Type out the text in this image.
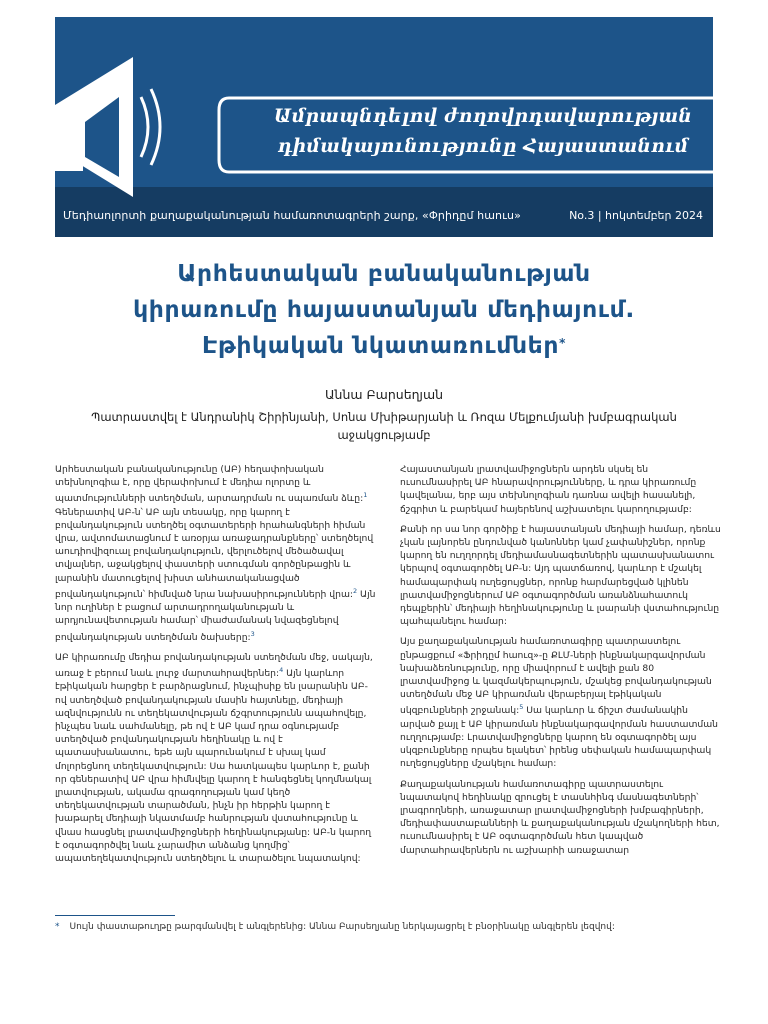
Ամրապնդելով ժողովրդավարության
դիմակայունությունը Հայաստանում
Մեդիաոլորտի քաղաքականության համառոտագրերի շարք, «Փրիդըմ հաուս»	No.3 | հոկտեմբեր 2024
Արհեստական բանականության
կիրառումը հայաստանյան մեդիայում.
Էթիկական նկատառումներ*
Աննա Բարսեղյան
Պատրաստվել է Անդրանիկ Շիրինյանի, Սոնա Մխիթարյանի և Ռոզա Մելքումյանի խմբագրական
աջակցությամբ

Արհեստական բանականությունը (ԱԲ) հեղափոխական տեխնոլոգիա է, որը վերափոխում է մեդիա ոլորտը և պատմությունների ստեղծման, արտադրման ու սպառման ձևը:$^1$ Գեներատիվ ԱԲ-ն՝ ԱԲ այն տեսակը, որը կարող է բովանդակություն ստեղծել օգտատերերի հրահանգների հիման վրա, ավտոմատացնում է առօրյա առաջադրանքները՝ ստեղծելով աուդիովիզուալ բովանդակություն, վերլուծելով մեծածավալ տվյալներ, աջակցելով փաստերի ստուգման գործընթացին և լարանին մատուցելով խիստ անհատականացված բովանդակություն՝ հիմնված նրա նախասիրությունների վրա:$^2$ Այն նոր ուղիներ է բացում արտադրողականության և արդյունավետության համար՝ միաժամանակ նվազեցնելով բովանդակության ստեղծման ծախսերը:$^3$

ԱԲ կիրառումը մեդիա բովանդակության ստեղծման մեջ, սակայն, առաջ է բերում նաև լուրջ մարտահրավերներ:$^4$ Այն կարևոր էթիկական հարցեր է բարձրացնում, ինչպիսիք են լսարանին ԱԲ-ով ստեղծված բովանդակության մասին հայտնելը, մեդիայի ազնվությունն ու տեղեկատվության ճշգրտությունն ապահովելը, ինչպես նաև սահմանելը, թե ով է ԱԲ կամ դրա օգնությամբ ստեղծված բովանդակության հեղինակը և ով է պատասխանատու, եթե այն պարունակում է սխալ կամ մոլորեցնող տեղեկատվություն: Սա հատկապես կարևոր է, քանի որ գեներատիվ ԱԲ վրա հիմնվելը կարող է հանգեցնել կողմնակալ լրատվության, ակամա գրագողության կամ կեղծ տեղեկատվության տարածման, ինչն իր հերթին կարող է խաթարել մեդիայի նկատմամբ հանրության վստահությունը և վնաս հասցնել լրատվամիջոցների հեղինակությանը: ԱԲ-ն կարող է օգտագործվել նաև չարամիտ անձանց կողմից՝ ապատեղեկատվություն ստեղծելու և տարածելու նպատակով:

Հայաստանյան լրատվամիջոցներն արդեն սկսել են ուսումնասիրել ԱԲ հնարավորությունները, և դրա կիրառումը կավելանա, երբ այս տեխնոլոգիան դառնա ավելի հասանելի, ճշգրիտ և բարեկամ հայերենով աշխատելու կարողությամբ:

Քանի որ սա նոր գործիք է հայաստանյան մեդիայի համար, դեռևս չկան լայնորեն ընդունված կանոններ կամ չափանիշներ, որոնք կարող են ուղղորդել մեդիամասնագետներին պատասխանատու կերպով օգտագործել ԱԲ-ն: Այդ պատճառով, կարևոր է մշակել համապարփակ ուղեցույցներ, որոնք հարմարեցված կլինեն լրատվամիջոցներում ԱԲ օգտագործման առանձնահատուկ դեպքերին՝ մեդիայի հեղինակությունը և լսարանի վստահությունը պահպանելու համար:

Այս քաղաքականության համառոտագիրը պատրաստելու ընթացքում «Ֆրիդըմ հաուզ»-ը ՔԼՄ-ների ինքնակարգավորման նախաձեռնությունը, որը միավորում է ավելի քան 80 լրատվամիջոց և կազմակերպություն, մշակեց բովանդակության ստեղծման մեջ ԱԲ կիրառման վերաբերյալ էթիկական սկզբունքների շրջանակ:$^5$ Սա կարևոր և ճիշտ ժամանակին արված քայլ է ԱԲ կիրառման ինքնակարգավորման հաստատման ուղղությամբ: Լրատվամիջոցները կարող են օգտագործել այս սկզբունքները որպես ելակետ՝ իրենց սեփական համապարփակ ուղեցույցները մշակելու համար:

Քաղաքականության համառոտագիրը պատրաստելու նպատակով հեղինակը զրուցել է տասնհինգ մասնագետների՝ լրագրողների, առաջատար լրատվամիջոցների խմբագիրների, մեդիափաստաբանների և քաղաքականության մշակողների հետ, ուսումնասիրել է ԱԲ օգտագործման հետ կապված մարտահրավերներն ու աշխարհի առաջատար

* Սույն փաստաթուղթը թարգմանվել է անգլերենից: Աննա Բարսեղյանը ներկայացրել է բնօրինակը անգլերեն լեզվով:
